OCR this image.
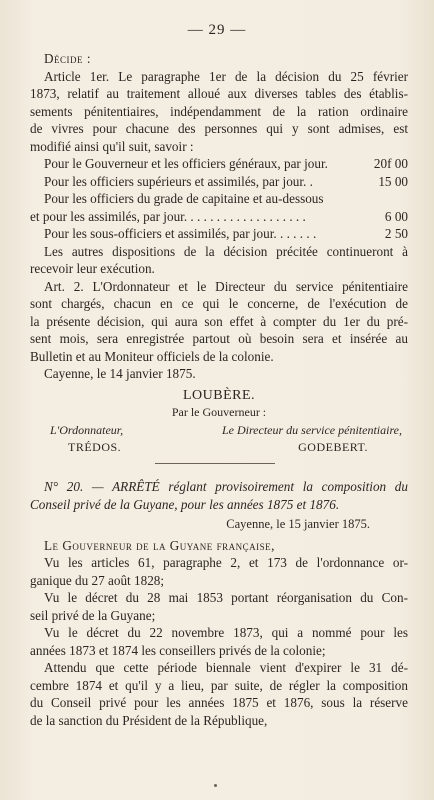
— 29 —
Décide :
Article 1er. Le paragraphe 1er de la décision du 25 février
1873, relatif au traitement alloué aux diverses tables des établis-
sements pénitentiaires, indépendamment de la ration ordinaire
de vivres pour chacune des personnes qui y sont admises, est
modifié ainsi qu'il suit, savoir :
Pour le Gouverneur et les officiers généraux, par jour.	20f 00
Pour les officiers supérieurs et assimilés, par jour. .	15 00
Pour les officiers du grade de capitaine et au-dessous
et pour les assimilés, par jour. . . . . . . . . . . . . . . . . . .	6 00
Pour les sous-officiers et assimilés, par jour. . . . . . .	2 50
Les autres dispositions de la décision précitée continueront à
recevoir leur exécution.
Art. 2. L'Ordonnateur et le Directeur du service pénitentiaire
sont chargés, chacun en ce qui le concerne, de l'exécution de
la présente décision, qui aura son effet à compter du 1er du pré-
sent mois, sera enregistrée partout où besoin sera et insérée au
Bulletin et au Moniteur officiels de la colonie.
Cayenne, le 14 janvier 1875.
LOUBÈRE.
Par le Gouverneur :
L'Ordonnateur,	Le Directeur du service pénitentiaire,
TRÉDOS.	GODEBERT.
N° 20. — ARRÊTÉ réglant provisoirement la composition du
Conseil privé de la Guyane, pour les années 1875 et 1876.
Cayenne, le 15 janvier 1875.
Le Gouverneur de la Guyane française,
Vu les articles 61, paragraphe 2, et 173 de l'ordonnance or-
ganique du 27 août 1828;
Vu le décret du 28 mai 1853 portant réorganisation du Con-
seil privé de la Guyane;
Vu le décret du 22 novembre 1873, qui a nommé pour les
années 1873 et 1874 les conseillers privés de la colonie;
Attendu que cette période biennale vient d'expirer le 31 dé-
cembre 1874 et qu'il y a lieu, par suite, de régler la composition
du Conseil privé pour les années 1875 et 1876, sous la réserve
de la sanction du Président de la République,
